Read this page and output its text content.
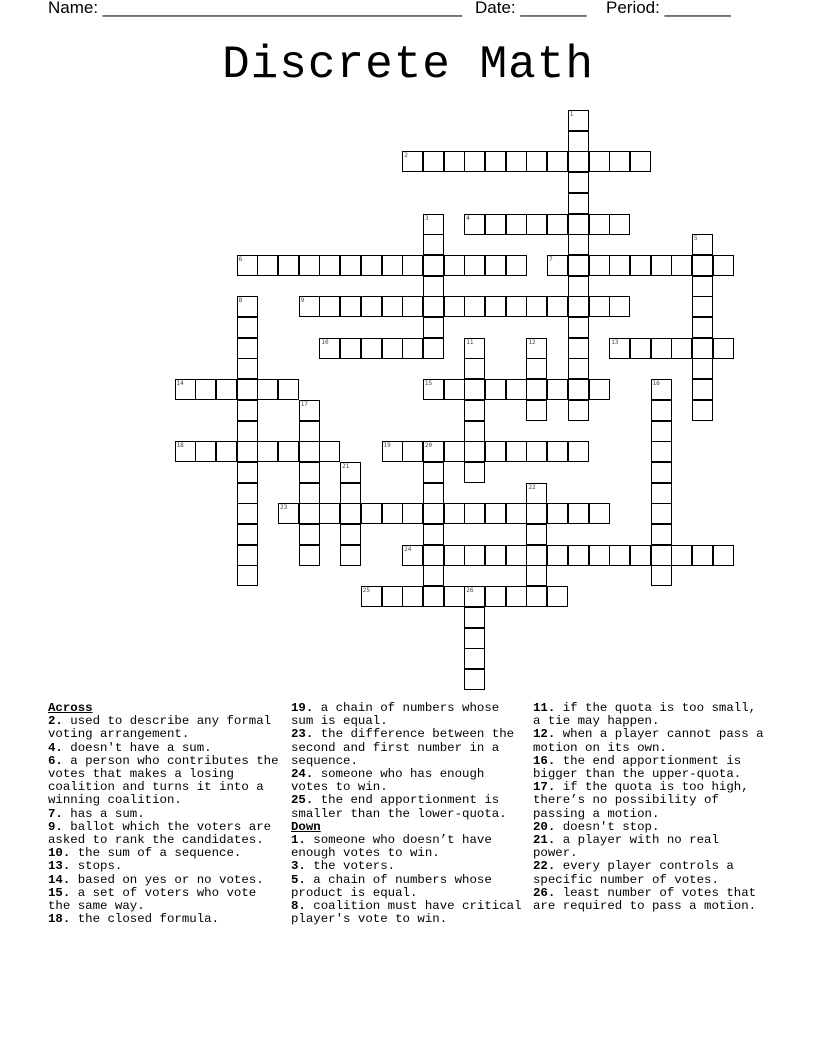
Name: ______________________________________ Date: _______ Period: _______
Discrete Math
2
4
6	7
9
10	13
14	15
18	19
23
24
25
1
3
5
8
11	12
16
17
20
21
22
26

Across

2. used to describe any formal voting arrangement.

4. doesn't have a sum.

6. a person who contributes the votes that makes a losing coalition and turns it into a winning coalition.

7. has a sum.

9. ballot which the voters are asked to rank the candidates.

10. the sum of a sequence.

13. stops.

14. based on yes or no votes.

15. a set of voters who vote the same way.

18. the closed formula.

19. a chain of numbers whose sum is equal.

23. the difference between the second and first number in a sequence.

24. someone who has enough votes to win.

25. the end apportionment is smaller than the lower-quota.

Down

1. someone who doesn’t have enough votes to win.

3. the voters.

5. a chain of numbers whose product is equal.

8. coalition must have critical player's vote to win.

11. if the quota is too small, a tie may happen.

12. when a player cannot pass a motion on its own.

16. the end apportionment is bigger than the upper-quota.

17. if the quota is too high, there’s no possibility of passing a motion.

20. doesn't stop.

21. a player with no real power.

22. every player controls a specific number of votes.

26. least number of votes that are required to pass a motion.
